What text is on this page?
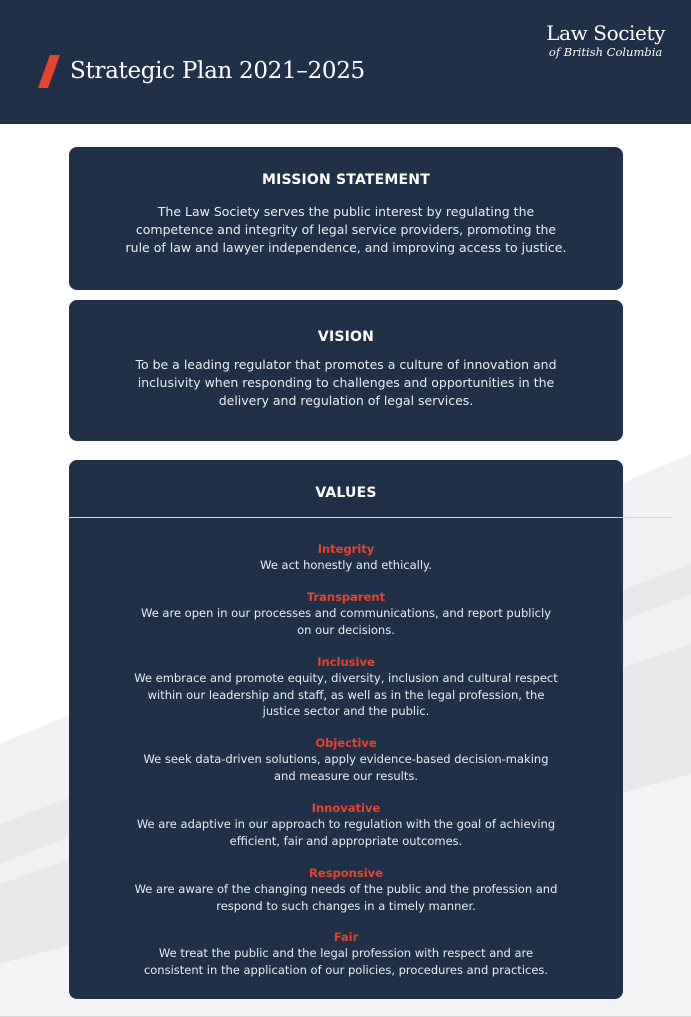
Strategic Plan 2021–2025
Law Society
of British Columbia
MISSION STATEMENT

The Law Society serves the public interest by regulating the

competence and integrity of legal service providers, promoting the

rule of law and lawyer independence, and improving access to justice.

VISION

To be a leading regulator that promotes a culture of innovation and

inclusivity when responding to challenges and opportunities in the

delivery and regulation of legal services.

VALUES
Integrity
We act honestly and ethically.
Transparent
We are open in our processes and communications, and report publicly
on our decisions.
Inclusive
We embrace and promote equity, diversity, inclusion and cultural respect
within our leadership and staff, as well as in the legal profession, the
justice sector and the public.
Objective
We seek data-driven solutions, apply evidence-based decision-making
and measure our results.
Innovative
We are adaptive in our approach to regulation with the goal of achieving
efficient, fair and appropriate outcomes.
Responsive
We are aware of the changing needs of the public and the profession and
respond to such changes in a timely manner.
Fair
We treat the public and the legal profession with respect and are
consistent in the application of our policies, procedures and practices.
